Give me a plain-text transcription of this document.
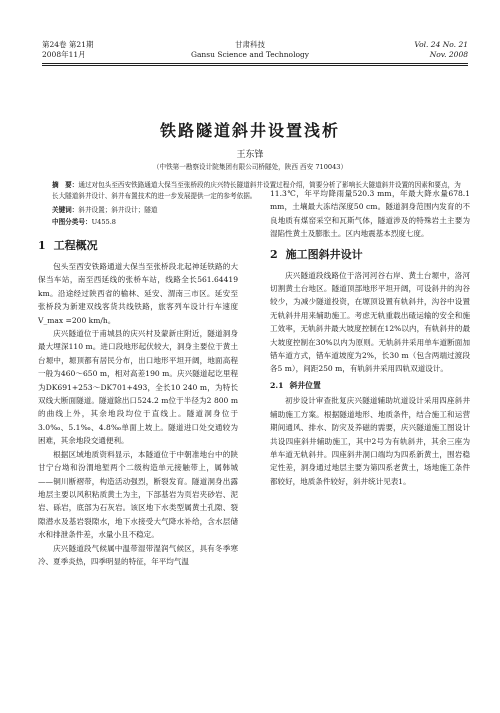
第24卷 第21期
2008年11月
甘肃科技
Gansu Science and Technology
Vol. 24 No. 21
Nov. 2008
铁路隧道斜井设置浅析
王东锋
（中铁第一勘察设计院集团有限公司桥隧处，陕西 西安 710043）
摘　要：通过对包头至西安铁路通道大保当至张桥段的庆兴特长隧道斜井设置过程介绍，简要分析了影响长大隧道斜井设置的因素和要点，为长大隧道斜井设计、斜井布置技术的进一步发展提供一定的参考依据。
关键词：斜井设置；斜井设计；隧道
中图分类号：U455.8
1 工程概况

包头至西安铁路通道大保当至张桥段北起神延铁路的大保当车站，南至西延线的张桥车站，线路全长561.64419 km。沿途经过陕西省的榆林、延安、渭南三市区。延安至张桥段为新建双线客货共线铁路，旅客列车设计行车速度 V_max =200 km/h。

庆兴隧道位于甫城县的庆兴村及蒙新庄附近，隧道洞身最大埋深110 m。进口段地形起伏较大，洞身主要位于黄土台塬中，塬顶都有居民分布，出口地形平坦开阔，地面高程一般为460～650 m，相对高差190 m。庆兴隧道起讫里程为DK691+253～DK701+493，全长10 240 m，为特长双线大断面隧道。隧道除出口524.2 m位于半径为2 800 m的曲线上外，其余地段均位于直线上。隧道洞身位于3.0‰、5.1‰、4.8‰单面上坡上。隧道进口处交通较为困难，其余地段交通便利。

根据区域地质资料显示，本隧道位于中朝准地台中的陕甘宁台坳和汾渭地堑两个二级构造单元接触带上，属韩城——铜川断褶带，构造活动强烈，断裂发育。隧道洞身出露地层主要以风积粘质黄土为主，下部基岩为页岩夹砂岩、泥岩、砾岩，底部为石灰岩。该区地下水类型属黄土孔隙、裂隙潜水及基岩裂隙水，地下水接受大气降水补给，含水层储水和排泄条件差，水量小且不稳定。

庆兴隧道段气候属中温带湿带湿润气候区，具有冬季寒冷、夏季炎热，四季明显的特征，年平均气温

11.3℃，年平均降雨量520.3 mm，年最大降水量678.1 mm，土壤最大冻结深度50 cm。隧道洞身范围内发育的不良地质有煤窑采空和瓦斯气体，隧道涉及的特殊岩土主要为湿陷性黄土及膨胀土。区内地震基本烈度七度。

2 施工图斜井设计

庆兴隧道段线路位于洛河河谷右岸、黄土台塬中，洛河切割黄土台地区。隧道顶部地形平坦开阔，可设斜井的沟谷较少，为减少隧道投资，在塬顶设置有轨斜井，沟谷中设置无轨斜井用来辅助施工。考虑无轨重载出碴运输的安全和施工效率，无轨斜井最大坡度控制在12%以内，有轨斜井的最大坡度控制在30%以内为原则。无轨斜井采用单车道断面加错车道方式，错车道坡度为2%，长30 m（包含两端过渡段各5 m），间距250 m，有轨斜井采用四轨双道设计。

2.1 斜井位置

初步设计审查批复庆兴隧道辅助坑道设计采用四座斜井辅助施工方案。根据隧道地形、地质条件，结合施工和运营期间通风、排水、防灾及养磁的需要，庆兴隧道施工图设计共设四座斜井辅助施工，其中2号为有轨斜井，其余三座为单车道无轨斜井。四座斜井洞口端均为四系新黄土，围岩稳定性差，洞身通过地层主要为第四系老黄土，场地施工条件都较好，地质条件较好，斜井统计见表1。
